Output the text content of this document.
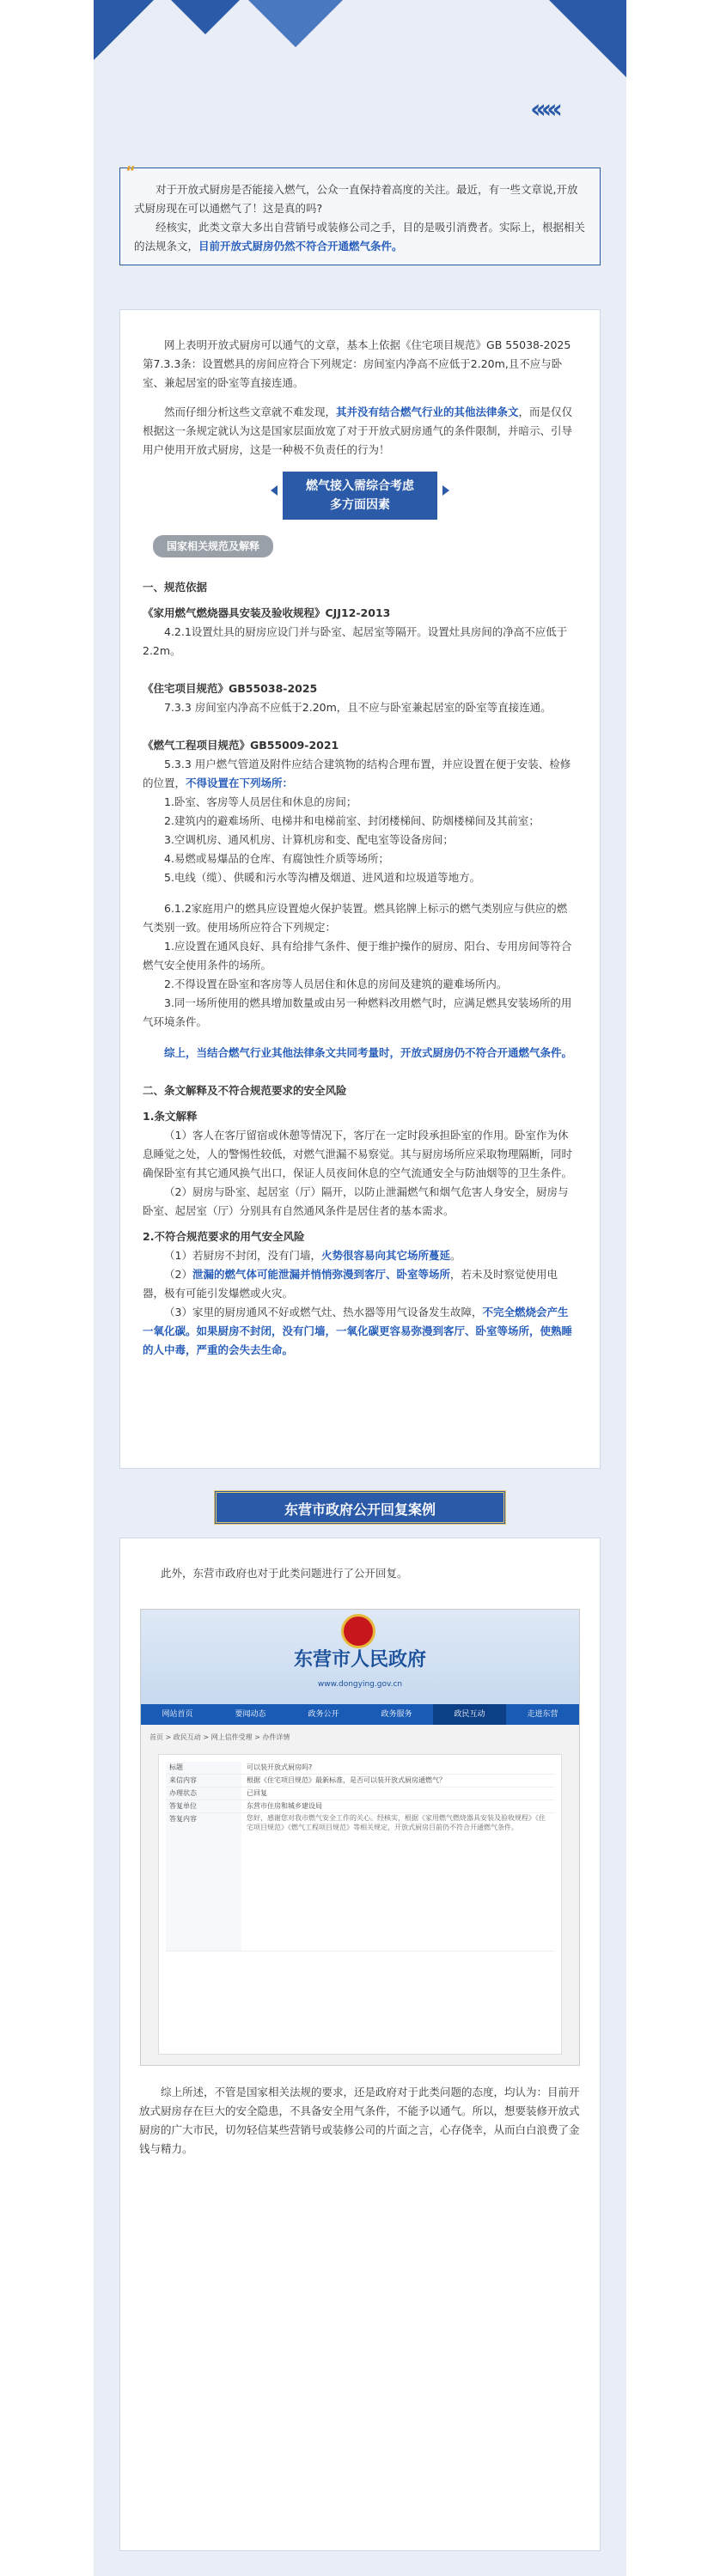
‹‹‹‹‹
“

对于开放式厨房是否能接入燃气，公众一直保持着高度的关注。最近，有一些文章说,开放式厨房现在可以通燃气了！这是真的吗?

经核实，此类文章大多出自营销号或装修公司之手，目的是吸引消费者。实际上，根据相关的法规条文，目前开放式厨房仍然不符合开通燃气条件。

网上表明开放式厨房可以通气的文章，基本上依据《住宅项目规范》GB 55038-2025第7.3.3条：设置燃具的房间应符合下列规定：房间室内净高不应低于2.20m,且不应与卧室、兼起居室的卧室等直接连通。

然而仔细分析这些文章就不难发现，其并没有结合燃气行业的其他法律条文，而是仅仅根据这一条规定就认为这是国家层面放宽了对于开放式厨房通气的条件限制，并暗示、引导用户使用开放式厨房，这是一种极不负责任的行为！

燃气接入需综合考虑
多方面因素
国家相关规范及解释

一、规范依据

《家用燃气燃烧器具安装及验收规程》CJJ12-2013

4.2.1设置灶具的厨房应设门并与卧室、起居室等隔开。设置灶具房间的净高不应低于2.2m。

《住宅项目规范》GB55038-2025

7.3.3 房间室内净高不应低于2.20m，且不应与卧室兼起居室的卧室等直接连通。

《燃气工程项目规范》GB55009-2021

5.3.3 用户燃气管道及附件应结合建筑物的结构合理布置，并应设置在便于安装、检修的位置，不得设置在下列场所：

1.卧室、客房等人员居住和休息的房间；

2.建筑内的避难场所、电梯井和电梯前室、封闭楼梯间、防烟楼梯间及其前室；

3.空调机房、通风机房、计算机房和变、配电室等设备房间；

4.易燃或易爆品的仓库、有腐蚀性介质等场所；

5.电线（缆）、供暖和污水等沟槽及烟道、进风道和垃圾道等地方。

6.1.2家庭用户的燃具应设置熄火保护装置。燃具铭牌上标示的燃气类别应与供应的燃气类别一致。使用场所应符合下列规定：

1.应设置在通风良好、具有给排气条件、便于维护操作的厨房、阳台、专用房间等符合燃气安全使用条件的场所。

2.不得设置在卧室和客房等人员居住和休息的房间及建筑的避难场所内。

3.同一场所使用的燃具增加数量或由另一种燃料改用燃气时，应满足燃具安装场所的用气环境条件。

综上，当结合燃气行业其他法律条文共同考量时，开放式厨房仍不符合开通燃气条件。

二、条文解释及不符合规范要求的安全风险

1.条文解释

（1）客人在客厅留宿或休憩等情况下，客厅在一定时段承担卧室的作用。卧室作为休息睡觉之处，人的警惕性较低，对燃气泄漏不易察觉。其与厨房场所应采取物理隔断，同时确保卧室有其它通风换气出口，保证人员夜间休息的空气流通安全与防油烟等的卫生条件。

（2）厨房与卧室、起居室（厅）隔开，以防止泄漏燃气和烟气危害人身安全，厨房与卧室、起居室（厅）分别具有自然通风条件是居住者的基本需求。

2.不符合规范要求的用气安全风险

（1）若厨房不封闭，没有门墙，火势很容易向其它场所蔓延。

（2）泄漏的燃气体可能泄漏并悄悄弥漫到客厅、卧室等场所，若未及时察觉使用电器，极有可能引发爆燃或火灾。

（3）家里的厨房通风不好或燃气灶、热水器等用气设备发生故障，不完全燃烧会产生一氧化碳。如果厨房不封闭，没有门墙，一氧化碳更容易弥漫到客厅、卧室等场所，使熟睡的人中毒，严重的会失去生命。

东营市政府公开回复案例

此外，东营市政府也对于此类问题进行了公开回复。

东营市人民政府
www.dongying.gov.cn
网站首页	要闻动态	政务公开	政务服务	政民互动	走进东营
首页 > 政民互动 > 网上信件受理 > 办件详情
标题	可以装开放式厨房吗?
来信内容	根据《住宅项目规范》最新标准，是否可以装开放式厨房通燃气？
办理状态	已回复
答复单位	东营市住房和城乡建设局
答复内容	您好，感谢您对我市燃气安全工作的关心。经核实，根据《家用燃气燃烧器具安装及验收规程》《住宅项目规范》《燃气工程项目规范》等相关规定，开放式厨房目前仍不符合开通燃气条件。

综上所述，不管是国家相关法规的要求，还是政府对于此类问题的态度，均认为：目前开放式厨房存在巨大的安全隐患，不具备安全用气条件，不能予以通气。所以，想要装修开放式厨房的广大市民，切勿轻信某些营销号或装修公司的片面之言，心存侥幸，从而白白浪费了金钱与精力。
